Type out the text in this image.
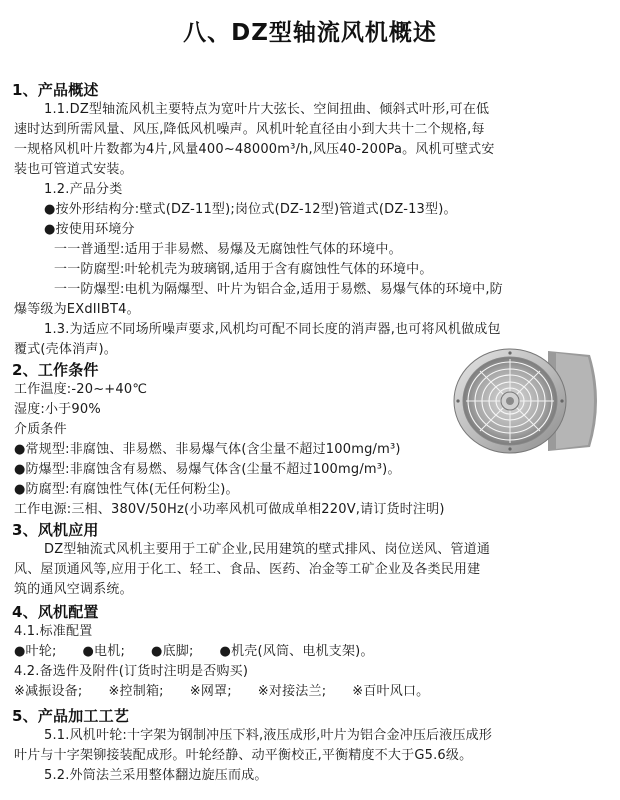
八、DZ型轴流风机概述
1、产品概述
1.1.DZ型轴流风机主要特点为宽叶片大弦长、空间扭曲、倾斜式叶形,可在低
速时达到所需风量、风压,降低风机噪声。风机叶轮直径由小到大共十二个规格,每
一规格风机叶片数都为4片,风量400~48000m³/h,风压40-200Pa。风机可壁式安
装也可管道式安装。
1.2.产品分类
●按外形结构分:壁式(DZ-11型);岗位式(DZ-12型)管道式(DZ-13型)。
●按使用环境分
一一普通型:适用于非易燃、易爆及无腐蚀性气体的环境中。
一一防腐型:叶轮机壳为玻璃钢,适用于含有腐蚀性气体的环境中。
一一防爆型:电机为隔爆型、叶片为铝合金,适用于易燃、易爆气体的环境中,防
爆等级为EXdIIBT4。
1.3.为适应不同场所噪声要求,风机均可配不同长度的消声器,也可将风机做成包
覆式(壳体消声)。
2、工作条件
工作温度:-20~+40℃
湿度:小于90%
介质条件
●常规型:非腐蚀、非易燃、非易爆气体(含尘量不超过100mg/m³)
●防爆型:非腐蚀含有易燃、易爆气体含(尘量不超过100mg/m³)。
●防腐型:有腐蚀性气体(无任何粉尘)。
工作电源:三相、380V/50Hz(小功率风机可做成单相220V,请订货时注明)
3、风机应用
DZ型轴流式风机主要用于工矿企业,民用建筑的壁式排风、岗位送风、管道通
风、屋顶通风等,应用于化工、轻工、食品、医药、冶金等工矿企业及各类民用建
筑的通风空调系统。
4、风机配置
4.1.标准配置
●叶轮;      ●电机;      ●底脚;      ●机壳(风筒、电机支架)。
4.2.备选件及附件(订货时注明是否购买)
※减振设备;      ※控制箱;      ※网罩;      ※对接法兰;      ※百叶风口。
5、产品加工工艺
5.1.风机叶轮:十字架为钢制冲压下料,液压成形,叶片为铝合金冲压后液压成形
叶片与十字架铆接装配成形。叶轮经静、动平衡校正,平衡精度不大于G5.6级。
5.2.外筒法兰采用整体翻边旋压而成。
